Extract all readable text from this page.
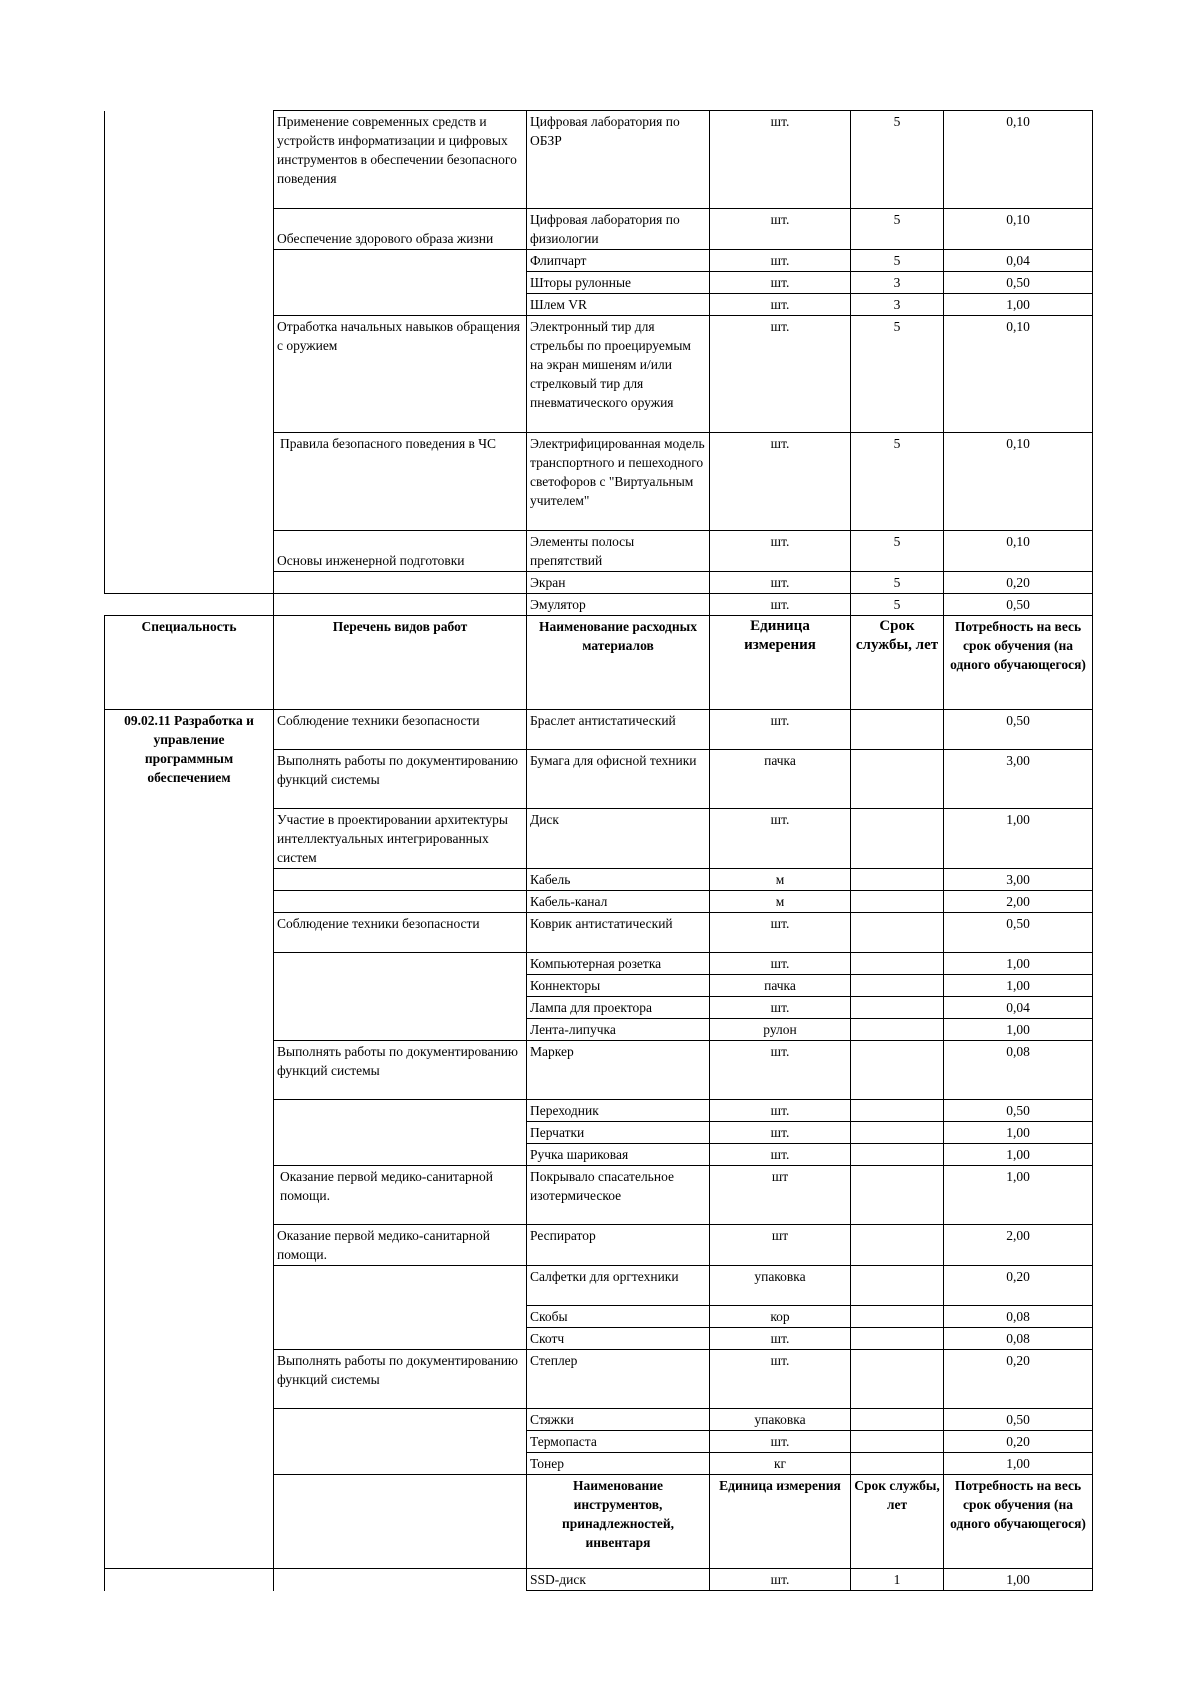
	Применение современных средств и устройств информатизации и цифровых инструментов в обеспечении безопасного поведения	Цифровая лаборатория по ОБЗР	шт.	5	0,10
	Обеспечение здорового образа жизни	Цифровая лаборатория по физиологии	шт.	5	0,10
		Флипчарт	шт.	5	0,04
		Шторы рулонные	шт.	3	0,50
		Шлем VR	шт.	3	1,00
	Отработка начальных навыков обращения с оружием	Электронный тир для стрельбы по проецируемым на экран мишеням и/или стрелковый тир для пневматического оружия	шт.	5	0,10
	Правила безопасного поведения в ЧС	Электрифицированная модель транспортного и пешеходного светофоров с "Виртуальным учителем"	шт.	5	0,10
	Основы инженерной подготовки	Элементы полосы препятствий	шт.	5	0,10
		Экран	шт.	5	0,20
		Эмулятор	шт.	5	0,50
Специальность	Перечень видов работ	Наименование расходных материалов	Единица измерения	Срок службы, лет	Потребность на весь срок обучения (на одного обучающегося)
09.02.11 Разработка и управление программным обеспечением	Соблюдение техники безопасности	Браслет антистатический	шт.		0,50
	Выполнять работы по документированию функций системы	Бумага для офисной техники	пачка		3,00
	Участие в проектировании архитектуры интеллектуальных интегрированных систем	Диск	шт.		1,00
		Кабель	м		3,00
		Кабель-канал	м		2,00
	Соблюдение техники безопасности	Коврик антистатический	шт.		0,50
		Компьютерная розетка	шт.		1,00
		Коннекторы	пачка		1,00
		Лампа для проектора	шт.		0,04
		Лента-липучка	рулон		1,00
	Выполнять работы по документированию функций системы	Маркер	шт.		0,08
		Переходник	шт.		0,50
		Перчатки	шт.		1,00
		Ручка шариковая	шт.		1,00
	Оказание первой медико-санитарной помощи.	Покрывало спасательное изотермическое	шт		1,00
	Оказание первой медико-санитарной помощи.	Респиратор	шт		2,00
		Салфетки для оргтехники	упаковка		0,20
		Скобы	кор		0,08
		Скотч	шт.		0,08
	Выполнять работы по документированию функций системы	Степлер	шт.		0,20
		Стяжки	упаковка		0,50
		Термопаста	шт.		0,20
		Тонер	кг		1,00
		Наименование инструментов, принадлежностей, инвентаря	Единица измерения	Срок службы, лет	Потребность на весь срок обучения (на одного обучающегося)
		SSD-диск	шт.	1	1,00
